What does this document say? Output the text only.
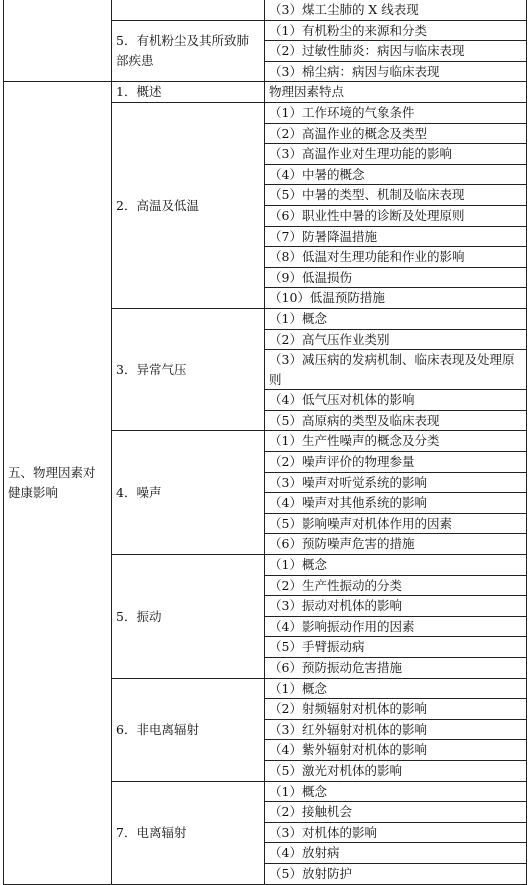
		（3）煤工尘肺的 X 线表现
	5．有机粉尘及其所致肺部疾患	（1）有机粉尘的来源和分类
		（2）过敏性肺炎：病因与临床表现
		（3）棉尘病：病因与临床表现
五、物理因素对健康影响	1．概述	物理因素特点
	2．高温及低温	（1）工作环境的气象条件
		（2）高温作业的概念及类型
		（3）高温作业对生理功能的影响
		（4）中暑的概念
		（5）中暑的类型、机制及临床表现
		（6）职业性中暑的诊断及处理原则
		（7）防暑降温措施
		（8）低温对生理功能和作业的影响
		（9）低温损伤
		（10）低温预防措施
	3．异常气压	（1）概念
		（2）高气压作业类别
		（3）减压病的发病机制、临床表现及处理原则
		（4）低气压对机体的影响
		（5）高原病的类型及临床表现
	4．噪声	（1）生产性噪声的概念及分类
		（2）噪声评价的物理参量
		（3）噪声对听觉系统的影响
		（4）噪声对其他系统的影响
		（5）影响噪声对机体作用的因素
		（6）预防噪声危害的措施
	5．振动	（1）概念
		（2）生产性振动的分类
		（3）振动对机体的影响
		（4）影响振动作用的因素
		（5）手臂振动病
		（6）预防振动危害措施
	6．非电离辐射	（1）概念
		（2）射频辐射对机体的影响
		（3）红外辐射对机体的影响
		（4）紫外辐射对机体的影响
		（5）激光对机体的影响
	7．电离辐射	（1）概念
		（2）接触机会
		（3）对机体的影响
		（4）放射病
		（5）放射防护
